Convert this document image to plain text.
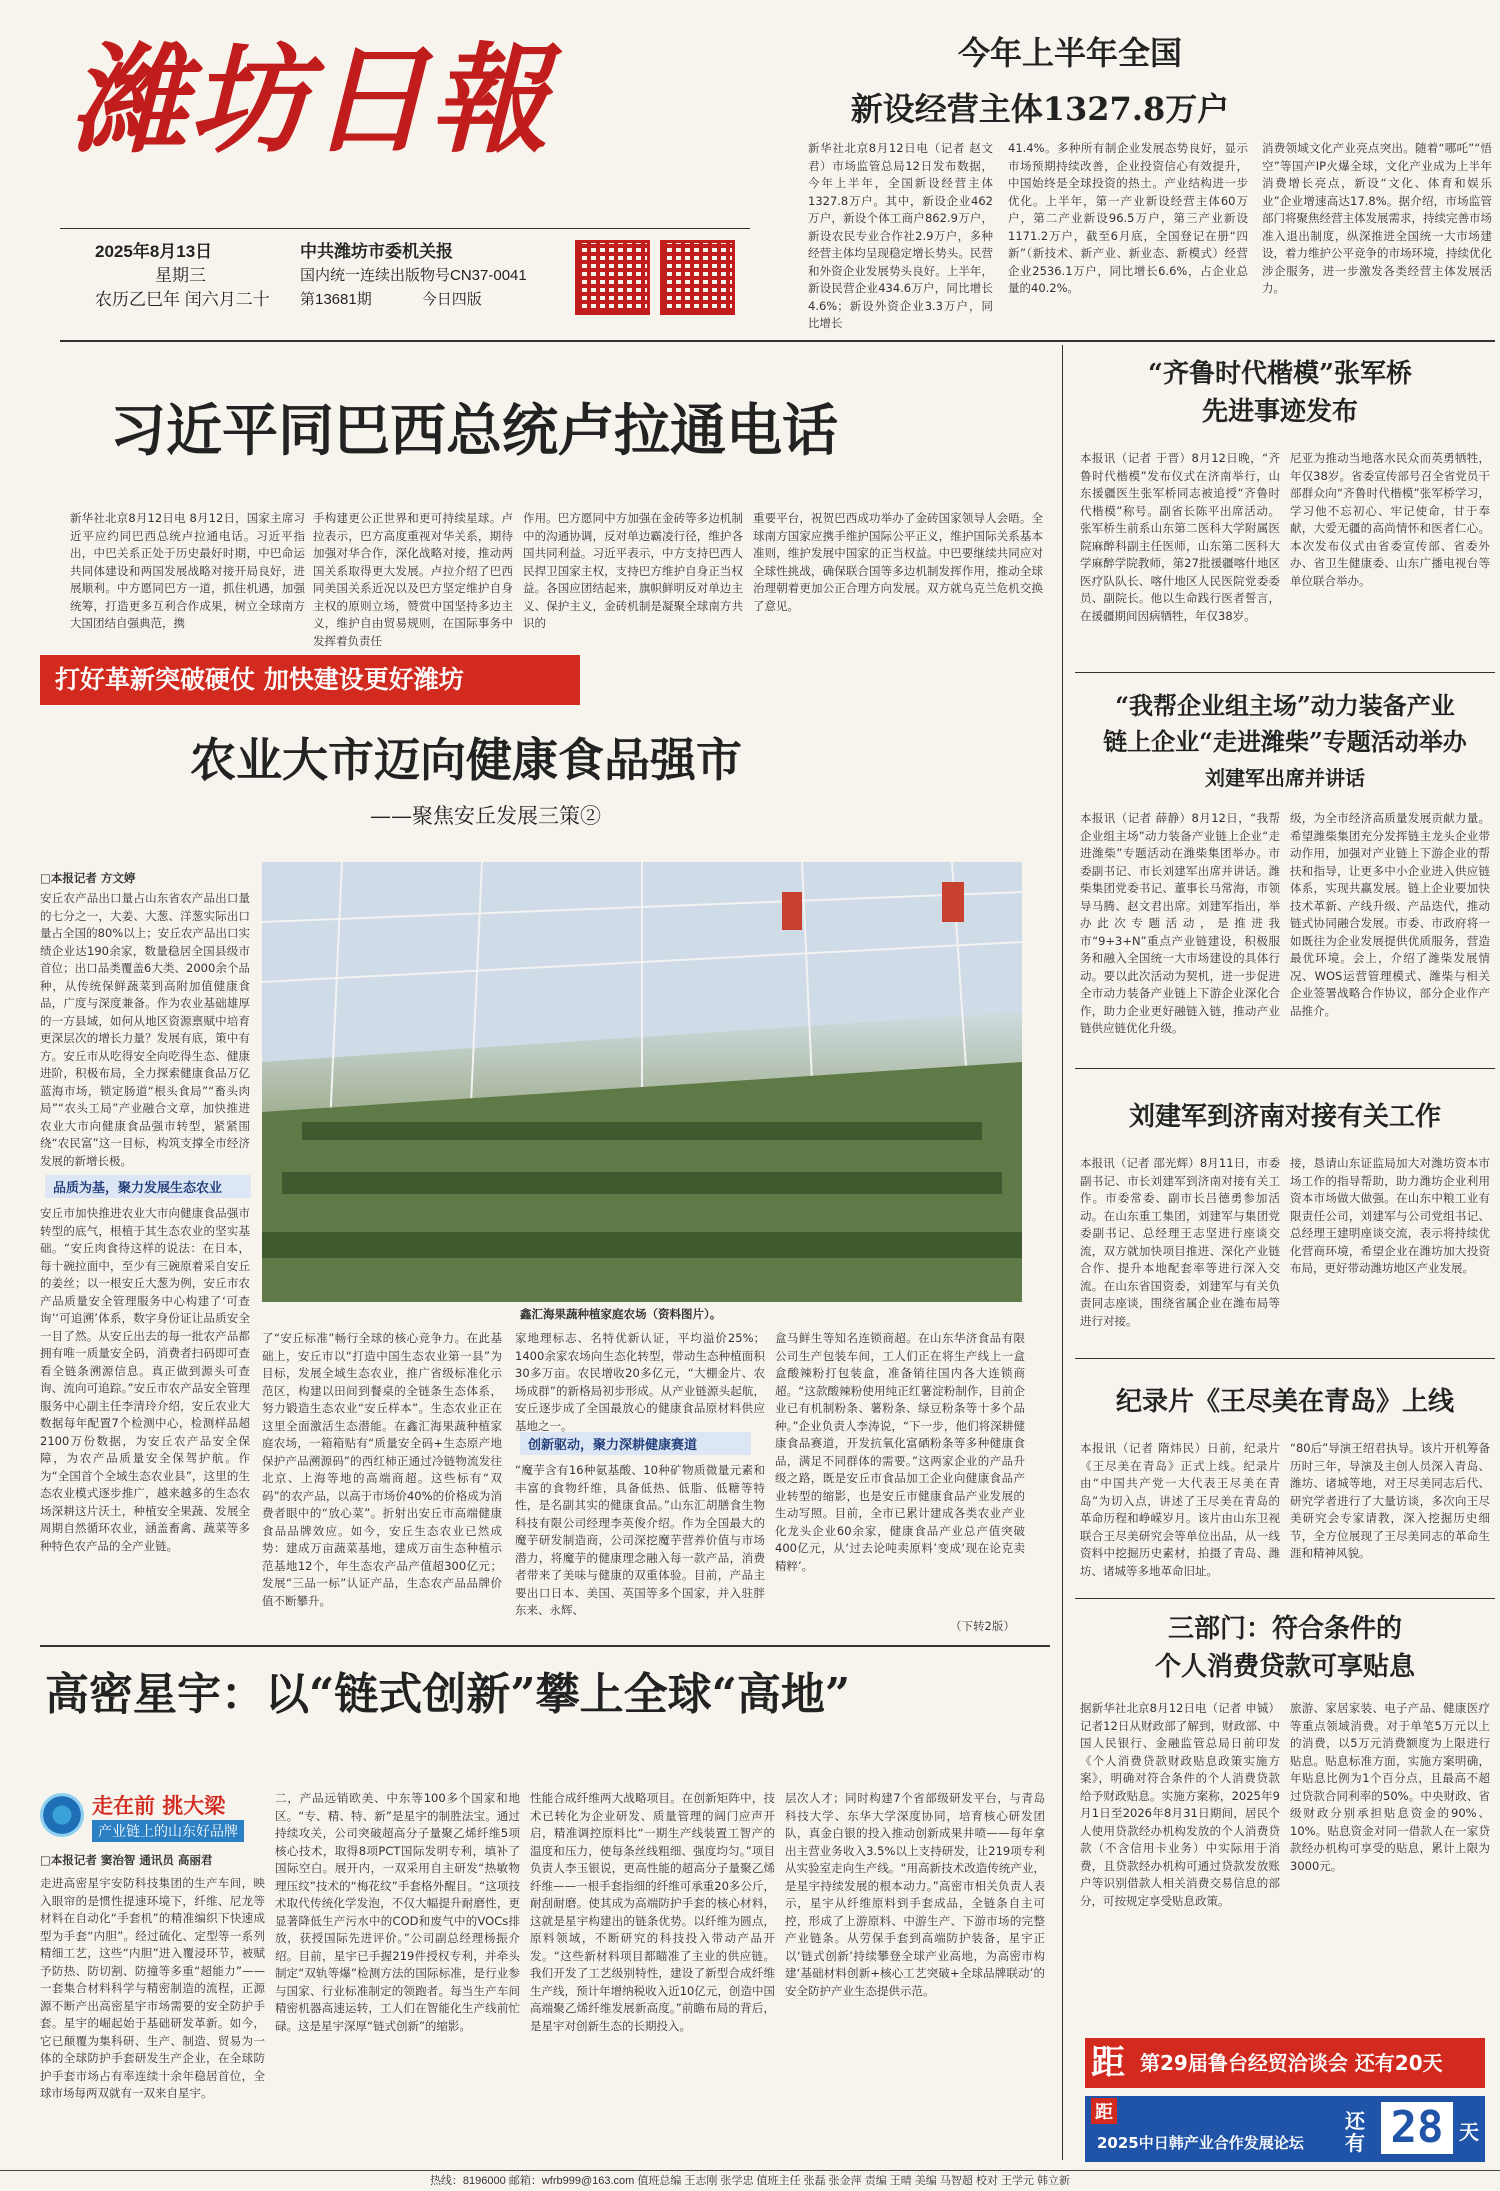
濰坊日報
2025年8月13日
星期三
农历乙巳年 闰六月二十
中共潍坊市委机关报
国内统一连续出版物号CN37-0041
第13681期	今日四版
今年上半年全国
新设经营主体1327.8万户
新华社北京8月12日电（记者 赵文君）市场监管总局12日发布数据，今年上半年，全国新设经营主体1327.8万户。其中，新设企业462万户，新设个体工商户862.9万户，新设农民专业合作社2.9万户，多种经营主体均呈现稳定增长势头。民营和外资企业发展势头良好。上半年，新设民营企业434.6万户，同比增长4.6%；新设外资企业3.3万户，同比增长
41.4%。多种所有制企业发展态势良好，显示市场预期持续改善，企业投资信心有效提升，中国始终是全球投资的热土。产业结构进一步优化。上半年，第一产业新设经营主体60万户，第二产业新设96.5万户，第三产业新设1171.2万户，截至6月底，全国登记在册“四新”（新技术、新产业、新业态、新模式）经营企业2536.1万户，同比增长6.6%，占企业总量的40.2%。
消费领域文化产业亮点突出。随着“哪吒”“悟空”等国产IP火爆全球，文化产业成为上半年消费增长亮点，新设“文化、体育和娱乐业”企业增速高达17.8%。据介绍，市场监管部门将聚焦经营主体发展需求，持续完善市场准入退出制度，纵深推进全国统一大市场建设，着力维护公平竞争的市场环境，持续优化涉企服务，进一步激发各类经营主体发展活力。
习近平同巴西总统卢拉通电话
新华社北京8月12日电 8月12日，国家主席习近平应约同巴西总统卢拉通电话。习近平指出，中巴关系正处于历史最好时期，中巴命运共同体建设和两国发展战略对接开局良好，进展顺利。中方愿同巴方一道，抓住机遇，加强统筹，打造更多互利合作成果，树立全球南方大国团结自强典范，携
手构建更公正世界和更可持续星球。卢拉表示，巴方高度重视对华关系，期待加强对华合作，深化战略对接，推动两国关系取得更大发展。卢拉介绍了巴西同美国关系近况以及巴方坚定维护自身主权的原则立场，赞赏中国坚持多边主义，维护自由贸易规则，在国际事务中发挥着负责任
作用。巴方愿同中方加强在金砖等多边机制中的沟通协调，反对单边霸凌行径，维护各国共同利益。习近平表示，中方支持巴西人民捍卫国家主权，支持巴方维护自身正当权益。各国应团结起来，旗帜鲜明反对单边主义、保护主义，金砖机制是凝聚全球南方共识的
重要平台，祝贺巴西成功举办了金砖国家领导人会晤。全球南方国家应携手维护国际公平正义，维护国际关系基本准则，维护发展中国家的正当权益。中巴要继续共同应对全球性挑战，确保联合国等多边机制发挥作用，推动全球治理朝着更加公正合理方向发展。双方就乌克兰危机交换了意见。
打好革新突破硬仗 加快建设更好潍坊
农业大市迈向健康食品强市
——聚焦安丘发展三策②
□本报记者 方文婷
安丘农产品出口量占山东省农产品出口量的七分之一，大姜、大葱、洋葱实际出口量占全国的80%以上；安丘农产品出口实绩企业达190余家，数量稳居全国县级市首位；出口品类覆盖6大类、2000余个品种，从传统保鲜蔬菜到高附加值健康食品，广度与深度兼备。作为农业基础雄厚的一方县域，如何从地区资源禀赋中培育更深层次的增长力量？发展有底，策中有方。安丘市从吃得安全向吃得生态、健康进阶，积极布局，全力探索健康食品万亿蓝海市场，锁定肠道“根头食局”“畜头肉局”“农头工局”产业融合文章，加快推进农业大市向健康食品强市转型，紧紧围绕“农民富”这一目标，构筑支撑全市经济发展的新增长极。
品质为基，聚力发展生态农业
安丘市加快推进农业大市向健康食品强市转型的底气，根植于其生态农业的坚实基础。“安丘肉食待这样的说法：在日本，每十碗拉面中，至少有三碗原着采自安丘的姜丝；以一根安丘大葱为例，安丘市农产品质量安全管理服务中心构建了‘可查询’‘可追溯’体系，数字身份证让品质安全一目了然。从安丘出去的每一批农产品都拥有唯一质量安全码，消费者扫码即可查看全链条溯源信息。真正做到源头可查询、流向可追踪。”安丘市农产品安全管理服务中心副主任李清玲介绍，安丘农业大数据每年配置7个检测中心，检测样品超2100万份数据，为安丘农产品安全保障，为农产品质量安全保驾护航。作为“全国首个全域生态农业县”，这里的生态农业模式逐步推广，越来越多的生态农场深耕这片沃土，种植安全果蔬、发展全周期自然循环农业，涵盖畜禽、蔬菜等多种特色农产品的全产业链。
鑫汇海果蔬种植家庭农场（资料图片）。
了“安丘标准”畅行全球的核心竞争力。在此基础上，安丘市以“打造中国生态农业第一县”为目标，发展全域生态农业，推广省级标准化示范区，构建以田间到餐桌的全链条生态体系，努力锻造生态农业“安丘样本”。生态农业正在这里全面激活生态潜能。在鑫汇海果蔬种植家庭农场，一箱箱贴有“质量安全码+生态原产地保护产品溯源码”的西红柿正通过冷链物流发往北京、上海等地的高端商超。这些标有“双码”的农产品，以高于市场价40%的价格成为消费者眼中的“放心菜”。折射出安丘市高端健康食品品牌效应。如今，安丘生态农业已然成势：建成万亩蔬菜基地，建成万亩生态种植示范基地12个，年生态农产品产值超300亿元；发展“三品一标”认证产品，生态农产品品牌价值不断攀升。
家地理标志、名特优新认证，平均溢价25%；1400余家农场向生态化转型，带动生态种植面积30多万亩。农民增收20多亿元，“大棚金片、农场成群”的新格局初步形成。从产业链源头起航，安丘逐步成了全国最放心的健康食品原材料供应基地之一。
创新驱动，聚力深耕健康赛道
“魔芋含有16种氨基酸、10种矿物质微量元素和丰富的食物纤维，具备低热、低脂、低糖等特性，是名副其实的健康食品。”山东汇胡膳食生物科技有限公司经理李英俊介绍。作为全国最大的魔芋研发制造商，公司深挖魔芋营养价值与市场潜力，将魔芋的健康理念融入每一款产品，消费者带来了美味与健康的双重体验。目前，产品主要出口日本、美国、英国等多个国家，并入驻胖东来、永辉、
盒马鲜生等知名连锁商超。在山东华济食品有限公司生产包装车间，工人们正在将生产线上一盒盒酸辣粉打包装盒，准备销往国内各大连锁商超。“这款酸辣粉使用纯正红薯淀粉制作，目前企业已有机制粉条、薯粉条、绿豆粉条等十多个品种。”企业负责人李涛说，“下一步，他们将深耕健康食品赛道，开发抗氧化富硒粉条等多种健康食品，满足不同群体的需要。”这两家企业的产品升级之路，既是安丘市食品加工企业向健康食品产业转型的缩影，也是安丘市健康食品产业发展的生动写照。目前，全市已累计建成各类农业产业化龙头企业60余家，健康食品产业总产值突破400亿元，从‘过去论吨卖原料’变成‘现在论克卖精粹’。
（下转2版）
高密星宇：以“链式创新”攀上全球“高地”
走在前 挑大梁
产业链上的山东好品牌
□本报记者 窦治智 通讯员 高丽君
走进高密星宇安防科技集团的生产车间，映入眼帘的是惯性提速环境下，纤维、尼龙等材料在自动化“手套机”的精准编织下快速成型为手套“内胆”。经过硫化、定型等一系列精细工艺，这些“内胆”进入覆浸环节，被赋予防热、防切割、防撞等多重“超能力”——一套集合材料科学与精密制造的流程，正源源不断产出高密星宇市场需要的安全防护手套。星宇的崛起始于基础研发革新。如今，它已颠覆为集科研、生产、制造、贸易为一体的全球防护手套研发生产企业，在全球防护手套市场占有率连续十余年稳居首位，全球市场每两双就有一双来自星宇。
二，产品远销欧美、中东等100多个国家和地区。“专、精、特、新”是星宇的制胜法宝。通过持续攻关，公司突破超高分子量聚乙烯纤维5项核心技术，取得8项PCT国际发明专利，填补了国际空白。展开内，一双采用自主研发“热敏物理压纹”技术的“梅花纹”手套格外醒目。“这项技术取代传统化学发泡，不仅大幅提升耐磨性，更显著降低生产污水中的COD和废气中的VOCs排放，获授国际先进评价。”公司副总经理杨振介绍。目前，星宇已手握219件授权专利，并牵头制定“双轨等爆”检测方法的国际标准，是行业参与国家、行业标准制定的领跑者。每当生产车间精密机器高速运转，工人们在智能化生产线前忙碌。这是星宇深厚“链式创新”的缩影。
性能合成纤维两大战略项目。在创新矩阵中，技术已转化为企业研发、质量管理的阔门应声开启，精准调控原料比“一期生产线装置工智产的温度和压力，使每条丝线粗细、强度均匀。”项目负责人李玉银说，更高性能的超高分子量聚乙烯纤维——一根手套指细的纤维可承重20多公斤，耐刮耐磨。使其成为高端防护手套的核心材料，这就是星宇构建出的链条优势。以纤维为圆点，原料领域，不断研究的科技投入带动产品开发。“这些新材料项目都瞄准了主业的供应链。我们开发了工艺级别特性，建设了新型合成纤维生产线，预计年增纳税收入近10亿元，创造中国高端聚乙烯纤维发展新高度。”前瞻布局的背后，是星宇对创新生态的长期投入。
层次人才；同时构建7个省部级研发平台，与青岛科技大学、东华大学深度协同，培育核心研发团队，真金白银的投入推动创新成果井喷——每年拿出主营业务收入3.5%以上支持研发，让219项专利从实验室走向生产线。“用高新技术改造传统产业，是星宇持续发展的根本动力。”高密市相关负责人表示，星宇从纤维原料到手套成品，全链条自主可控，形成了上游原料、中游生产、下游市场的完整产业链条。从劳保手套到高端防护装备，星宇正以‘链式创新’持续攀登全球产业高地，为高密市构建‘基础材料创新+核心工艺突破+全球品牌联动’的安全防护产业生态提供示范。
“齐鲁时代楷模”张军桥
先进事迹发布
本报讯（记者 于晋）8月12日晚，“齐鲁时代楷模”发布仪式在济南举行，山东援疆医生张军桥同志被追授“齐鲁时代楷模”称号。副省长陈平出席活动。张军桥生前系山东第二医科大学附属医院麻醉科副主任医师，山东第二医科大学麻醉学院教师，第27批援疆喀什地区医疗队队长、喀什地区人民医院党委委员、副院长。他以生命践行医者誓言，在援疆期间因病牺牲，年仅38岁。
尼亚为推动当地落水民众而英勇牺牲，年仅38岁。省委宣传部号召全省党员干部群众向“齐鲁时代楷模”张军桥学习，学习他不忘初心、牢记使命，甘于奉献，大爱无疆的高尚情怀和医者仁心。本次发布仪式由省委宣传部、省委外办、省卫生健康委、山东广播电视台等单位联合举办。
“我帮企业组主场”动力装备产业
链上企业“走进潍柴”专题活动举办
刘建军出席并讲话
本报讯（记者 薛静）8月12日，“我帮企业组主场”动力装备产业链上企业“走进潍柴”专题活动在潍柴集团举办。市委副书记、市长刘建军出席并讲话。潍柴集团党委书记、董事长马常海，市领导马腾、赵文君出席。刘建军指出，举办此次专题活动，是推进我市“9+3+N”重点产业链建设，积极服务和融入全国统一大市场建设的具体行动。要以此次活动为契机，进一步促进全市动力装备产业链上下游企业深化合作，助力企业更好融链入链，推动产业链供应链优化升级。
级，为全市经济高质量发展贡献力量。希望潍柴集团充分发挥链主龙头企业带动作用，加强对产业链上下游企业的帮扶和指导，让更多中小企业进入供应链体系，实现共赢发展。链上企业要加快技术革新、产线升级、产品迭代，推动链式协同融合发展。市委、市政府将一如既往为企业发展提供优质服务，营造最优环境。会上，介绍了潍柴发展情况、WOS运营管理模式、潍柴与相关企业签署战略合作协议，部分企业作产品推介。
刘建军到济南对接有关工作
本报讯（记者 邵光辉）8月11日，市委副书记、市长刘建军到济南对接有关工作。市委常委、副市长吕德勇参加活动。在山东重工集团，刘建军与集团党委副书记、总经理王志坚进行座谈交流，双方就加快项目推进、深化产业链合作、提升本地配套率等进行深入交流。在山东省国资委，刘建军与有关负责同志座谈，围绕省属企业在潍布局等进行对接。
接，恳请山东证监局加大对潍坊资本市场工作的指导帮助，助力潍坊企业利用资本市场做大做强。在山东中粮工业有限责任公司，刘建军与公司党组书记、总经理王建明座谈交流，表示将持续优化营商环境，希望企业在潍坊加大投资布局，更好带动潍坊地区产业发展。
纪录片《王尽美在青岛》上线
本报讯（记者 隋炜民）日前，纪录片《王尽美在青岛》正式上线。纪录片由“中国共产党一大代表王尽美在青岛”为切入点，讲述了王尽美在青岛的革命历程和峥嵘岁月。该片由山东卫视联合王尽美研究会等单位出品，从一线资料中挖掘历史素材，拍摄了青岛、潍坊、诸城等多地革命旧址。
“80后”导演王绍君执导。该片开机筹备历时三年，导演及主创人员深入青岛、潍坊、诸城等地，对王尽美同志后代、研究学者进行了大量访谈，多次向王尽美研究会专家请教，深入挖掘历史细节，全方位展现了王尽美同志的革命生涯和精神风貌。
三部门：符合条件的
个人消费贷款可享贴息
据新华社北京8月12日电（记者 申铖）记者12日从财政部了解到，财政部、中国人民银行、金融监管总局日前印发《个人消费贷款财政贴息政策实施方案》，明确对符合条件的个人消费贷款给予财政贴息。实施方案称，2025年9月1日至2026年8月31日期间，居民个人使用贷款经办机构发放的个人消费贷款（不含信用卡业务）中实际用于消费，且贷款经办机构可通过贷款发放账户等识别借款人相关消费交易信息的部分，可按规定享受贴息政策。
旅游、家居家装、电子产品、健康医疗等重点领域消费。对于单笔5万元以上的消费，以5万元消费额度为上限进行贴息。贴息标准方面，实施方案明确，年贴息比例为1个百分点，且最高不超过贷款合同利率的50%。中央财政、省级财政分别承担贴息资金的90%、10%。贴息资金对同一借款人在一家贷款经办机构可享受的贴息，累计上限为3000元。
距 第29届鲁台经贸洽谈会 还有20天
距
2025中日韩产业合作发展论坛
还有 28 天
热线：8196000 邮箱：wfrb999@163.com 值班总编 王志刚 张学忠 值班主任 张磊 张金萍 责编 王晴 美编 马智超 校对 王学元 韩立新
